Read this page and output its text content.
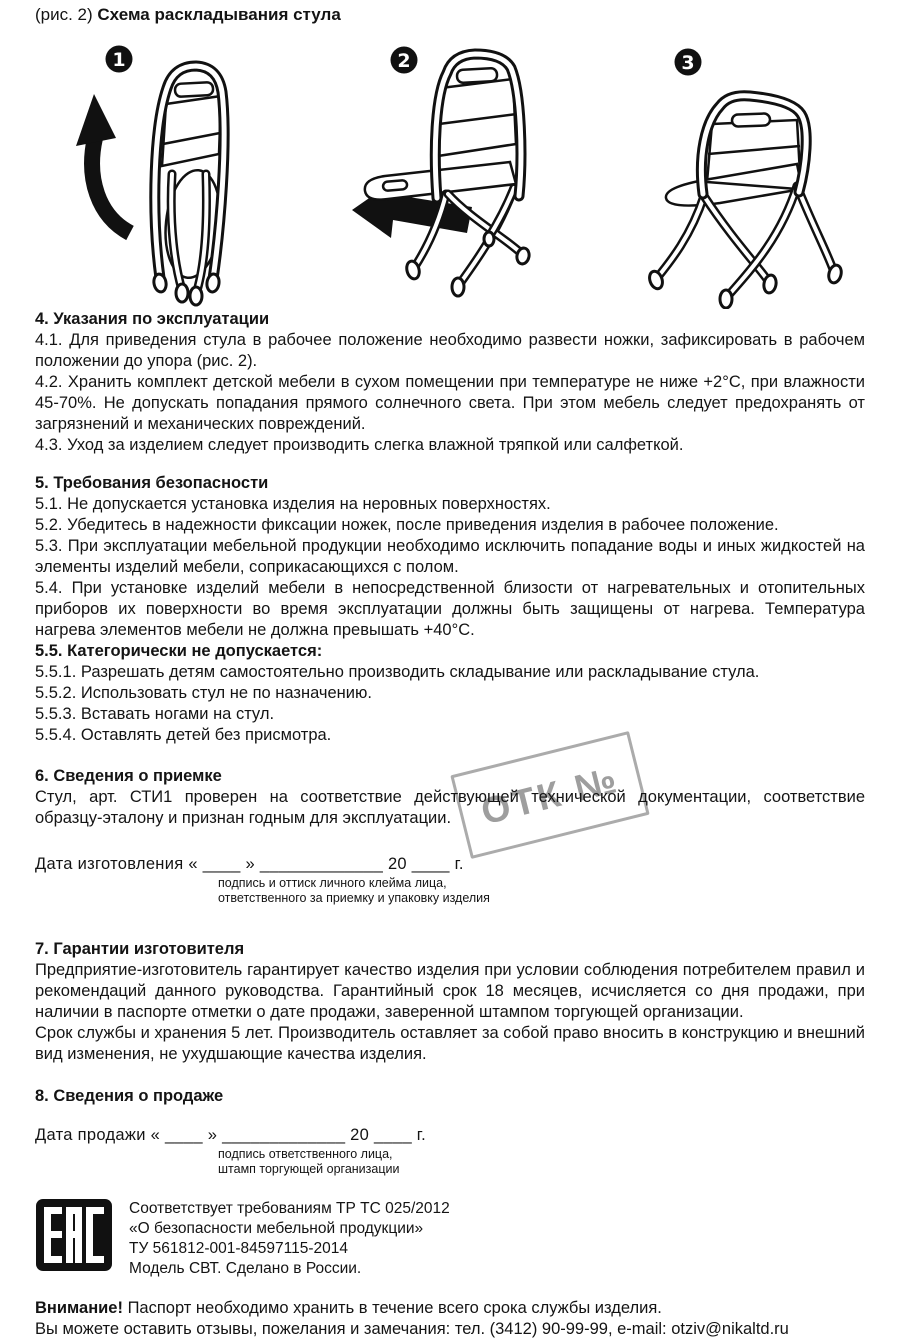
(рис. 2) Схема раскладывания стула
1	2	3

4. Указания по эксплуатации

4.1. Для приведения стула в рабочее положение необходимо развести ножки, зафиксировать в рабочем положении до упора (рис. 2).

4.2. Хранить комплект детской мебели в сухом помещении при температуре не ниже +2°С, при влажности 45-70%. Не допускать попадания прямого солнечного света. При этом мебель следует предохранять от загрязнений и механических повреждений.

4.3. Уход за изделием следует производить слегка влажной тряпкой или салфеткой.

5. Требования безопасности

5.1. Не допускается установка изделия на неровных поверхностях.

5.2. Убедитесь в надежности фиксации ножек, после приведения изделия в рабочее положение.

5.3. При эксплуатации мебельной продукции необходимо исключить попадание воды и иных жидкостей на элементы изделий мебели, соприкасающихся с полом.

5.4. При установке изделий мебели в непосредственной близости от нагревательных и отопительных приборов их поверхности во время эксплуатации должны быть защищены от нагрева. Температура нагрева элементов мебели не должна превышать +40°С.

5.5. Категорически не допускается:

5.5.1. Разрешать детям самостоятельно производить складывание или раскладывание стула.

5.5.2. Использовать стул не по назначению.

5.5.3. Вставать ногами на стул.

5.5.4. Оставлять детей без присмотра.

6. Сведения о приемке

Стул, арт. СТИ1 проверен на соответствие действующей технической документации, соответствие образцу-эталону и признан годным для эксплуатации.

Дата изготовления « ____ » _____________ 20 ____ г.

подпись и оттиск личного клейма лица,
ответственного за приемку и упаковку изделия

7. Гарантии изготовителя

Предприятие-изготовитель гарантирует качество изделия при условии соблюдения потребителем правил и рекомендаций данного руководства. Гарантийный срок 18 месяцев, исчисляется со дня продажи, при наличии в паспорте отметки о дате продажи, заверенной штампом торгующей организации.

Срок службы и хранения 5 лет. Производитель оставляет за собой право вносить в конструкцию и внешний вид изменения, не ухудшающие качества изделия.

8. Сведения о продаже

Дата продажи « ____ » _____________ 20 ____ г.

подпись ответственного лица,
штамп торгующей организации
Соответствует требованиям ТР ТС 025/2012
«О безопасности мебельной продукции»
ТУ 561812-001-84597115-2014
Модель СВТ. Сделано в России.

Внимание! Паспорт необходимо хранить в течение всего срока службы изделия.

Вы можете оставить отзывы, пожелания и замечания: тел. (3412) 90-99-99, e-mail: otziv@nikaltd.ru

ОТК №
